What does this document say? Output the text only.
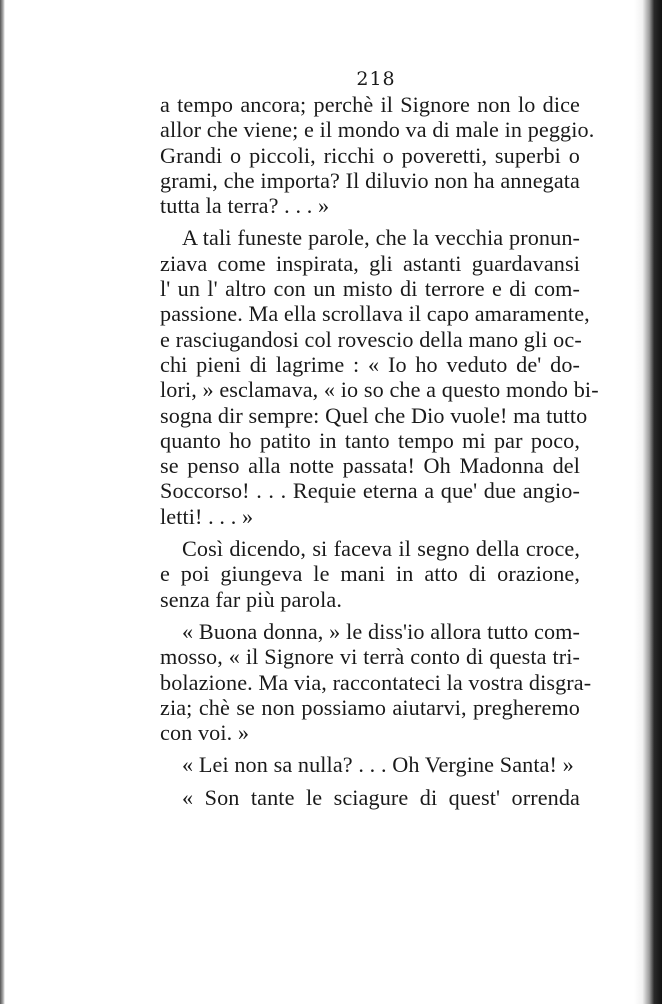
218
a tempo ancora; perchè il Signore non lo dice
allor che viene; e il mondo va di male in peggio.
Grandi o piccoli, ricchi o poveretti, superbi o
grami, che importa? Il diluvio non ha annegata
tutta la terra? . . . »
A tali funeste parole, che la vecchia pronun-
ziava come inspirata, gli astanti guardavansi
l' un l' altro con un misto di terrore e di com-
passione. Ma ella scrollava il capo amaramente,
e rasciugandosi col rovescio della mano gli oc-
chi pieni di lagrime : « Io ho veduto de' do-
lori, » esclamava, « io so che a questo mondo bi-
sogna dir sempre: Quel che Dio vuole! ma tutto
quanto ho patito in tanto tempo mi par poco,
se penso alla notte passata! Oh Madonna del
Soccorso! . . . Requie eterna a que' due angio-
letti! . . . »
Così dicendo, si faceva il segno della croce,
e poi giungeva le mani in atto di orazione,
senza far più parola.
« Buona donna, » le diss'io allora tutto com-
mosso, « il Signore vi terrà conto di questa tri-
bolazione. Ma via, raccontateci la vostra disgra-
zia; chè se non possiamo aiutarvi, pregheremo
con voi. »
« Lei non sa nulla? . . . Oh Vergine Santa! »
« Son tante le sciagure di quest' orrenda
